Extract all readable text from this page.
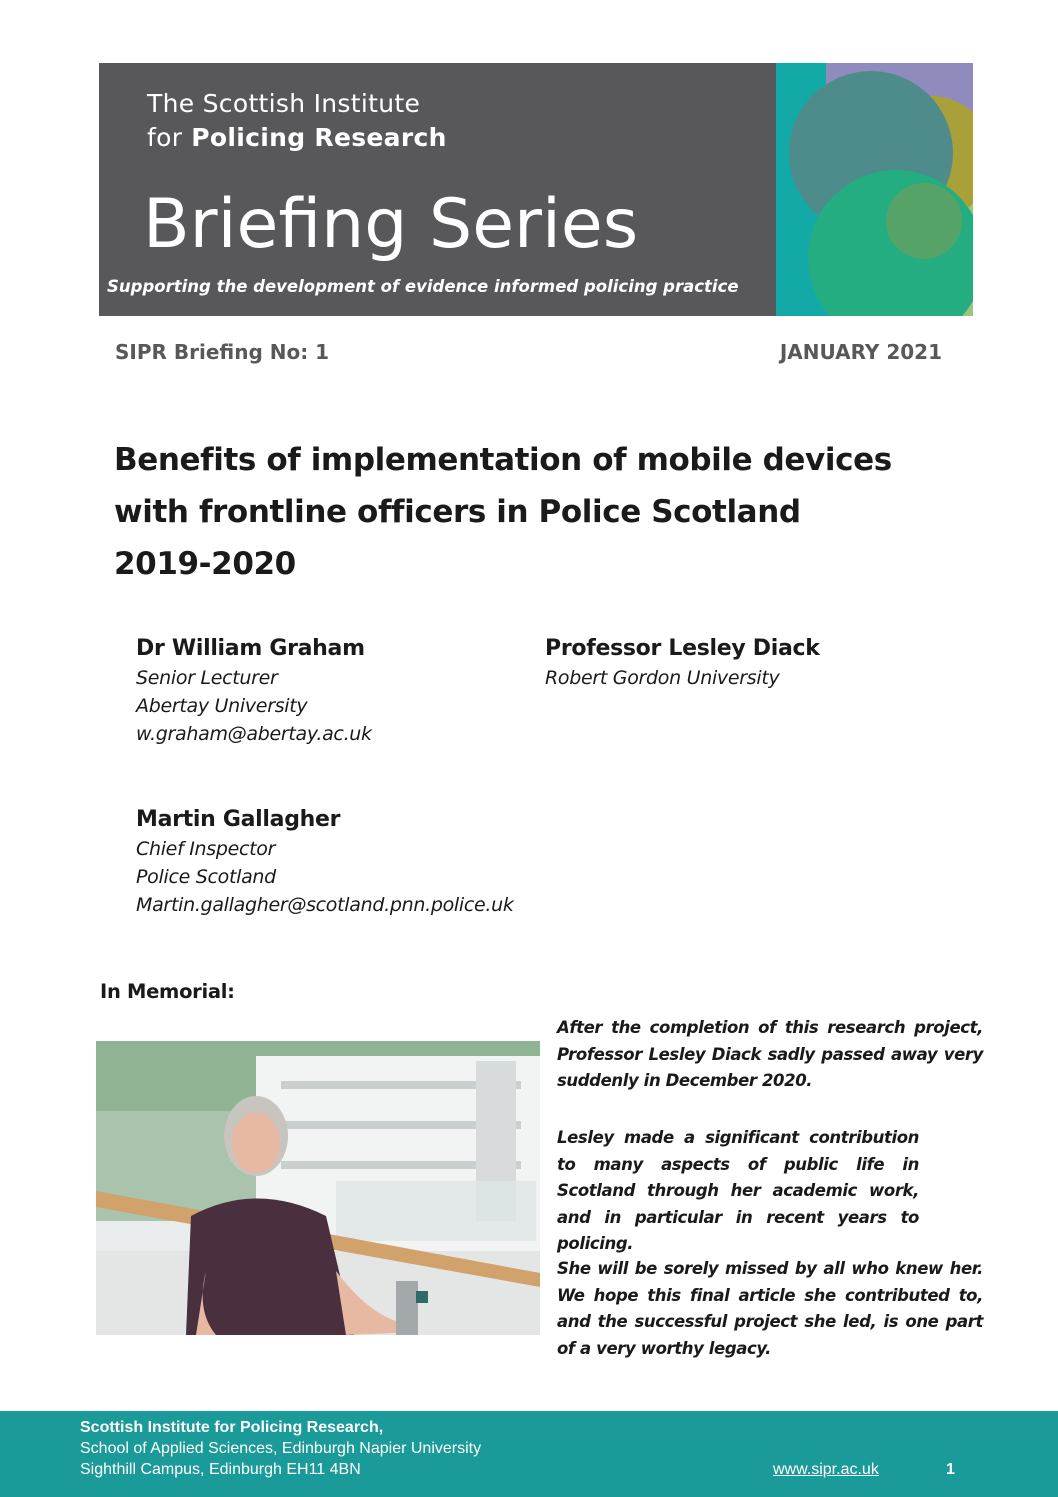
The Scottish Institute
for Policing Research
Briefing Series
Supporting the development of evidence informed policing practice
SIPR Briefing No: 1	JANUARY 2021
Benefits of implementation of mobile devices
with frontline officers in Police Scotland
2019-2020
Dr William Graham
Senior Lecturer
Abertay University
w.graham@abertay.ac.uk
Professor Lesley Diack
Robert Gordon University
Martin Gallagher
Chief Inspector
Police Scotland
Martin.gallagher@scotland.pnn.police.uk
In Memorial:

After the completion of this research project, Professor Lesley Diack sadly passed away very suddenly in December 2020.

Lesley made a significant contribution to many aspects of public life in Scotland through her academic work, and in particular in recent years to policing.

She will be sorely missed by all who knew her. We hope this final article she contributed to, and the successful project she led, is one part of a very worthy legacy.

Scottish Institute for Policing Research,
School of Applied Sciences, Edinburgh Napier University
Sighthill Campus, Edinburgh EH11 4BN	www.sipr.ac.uk	1
